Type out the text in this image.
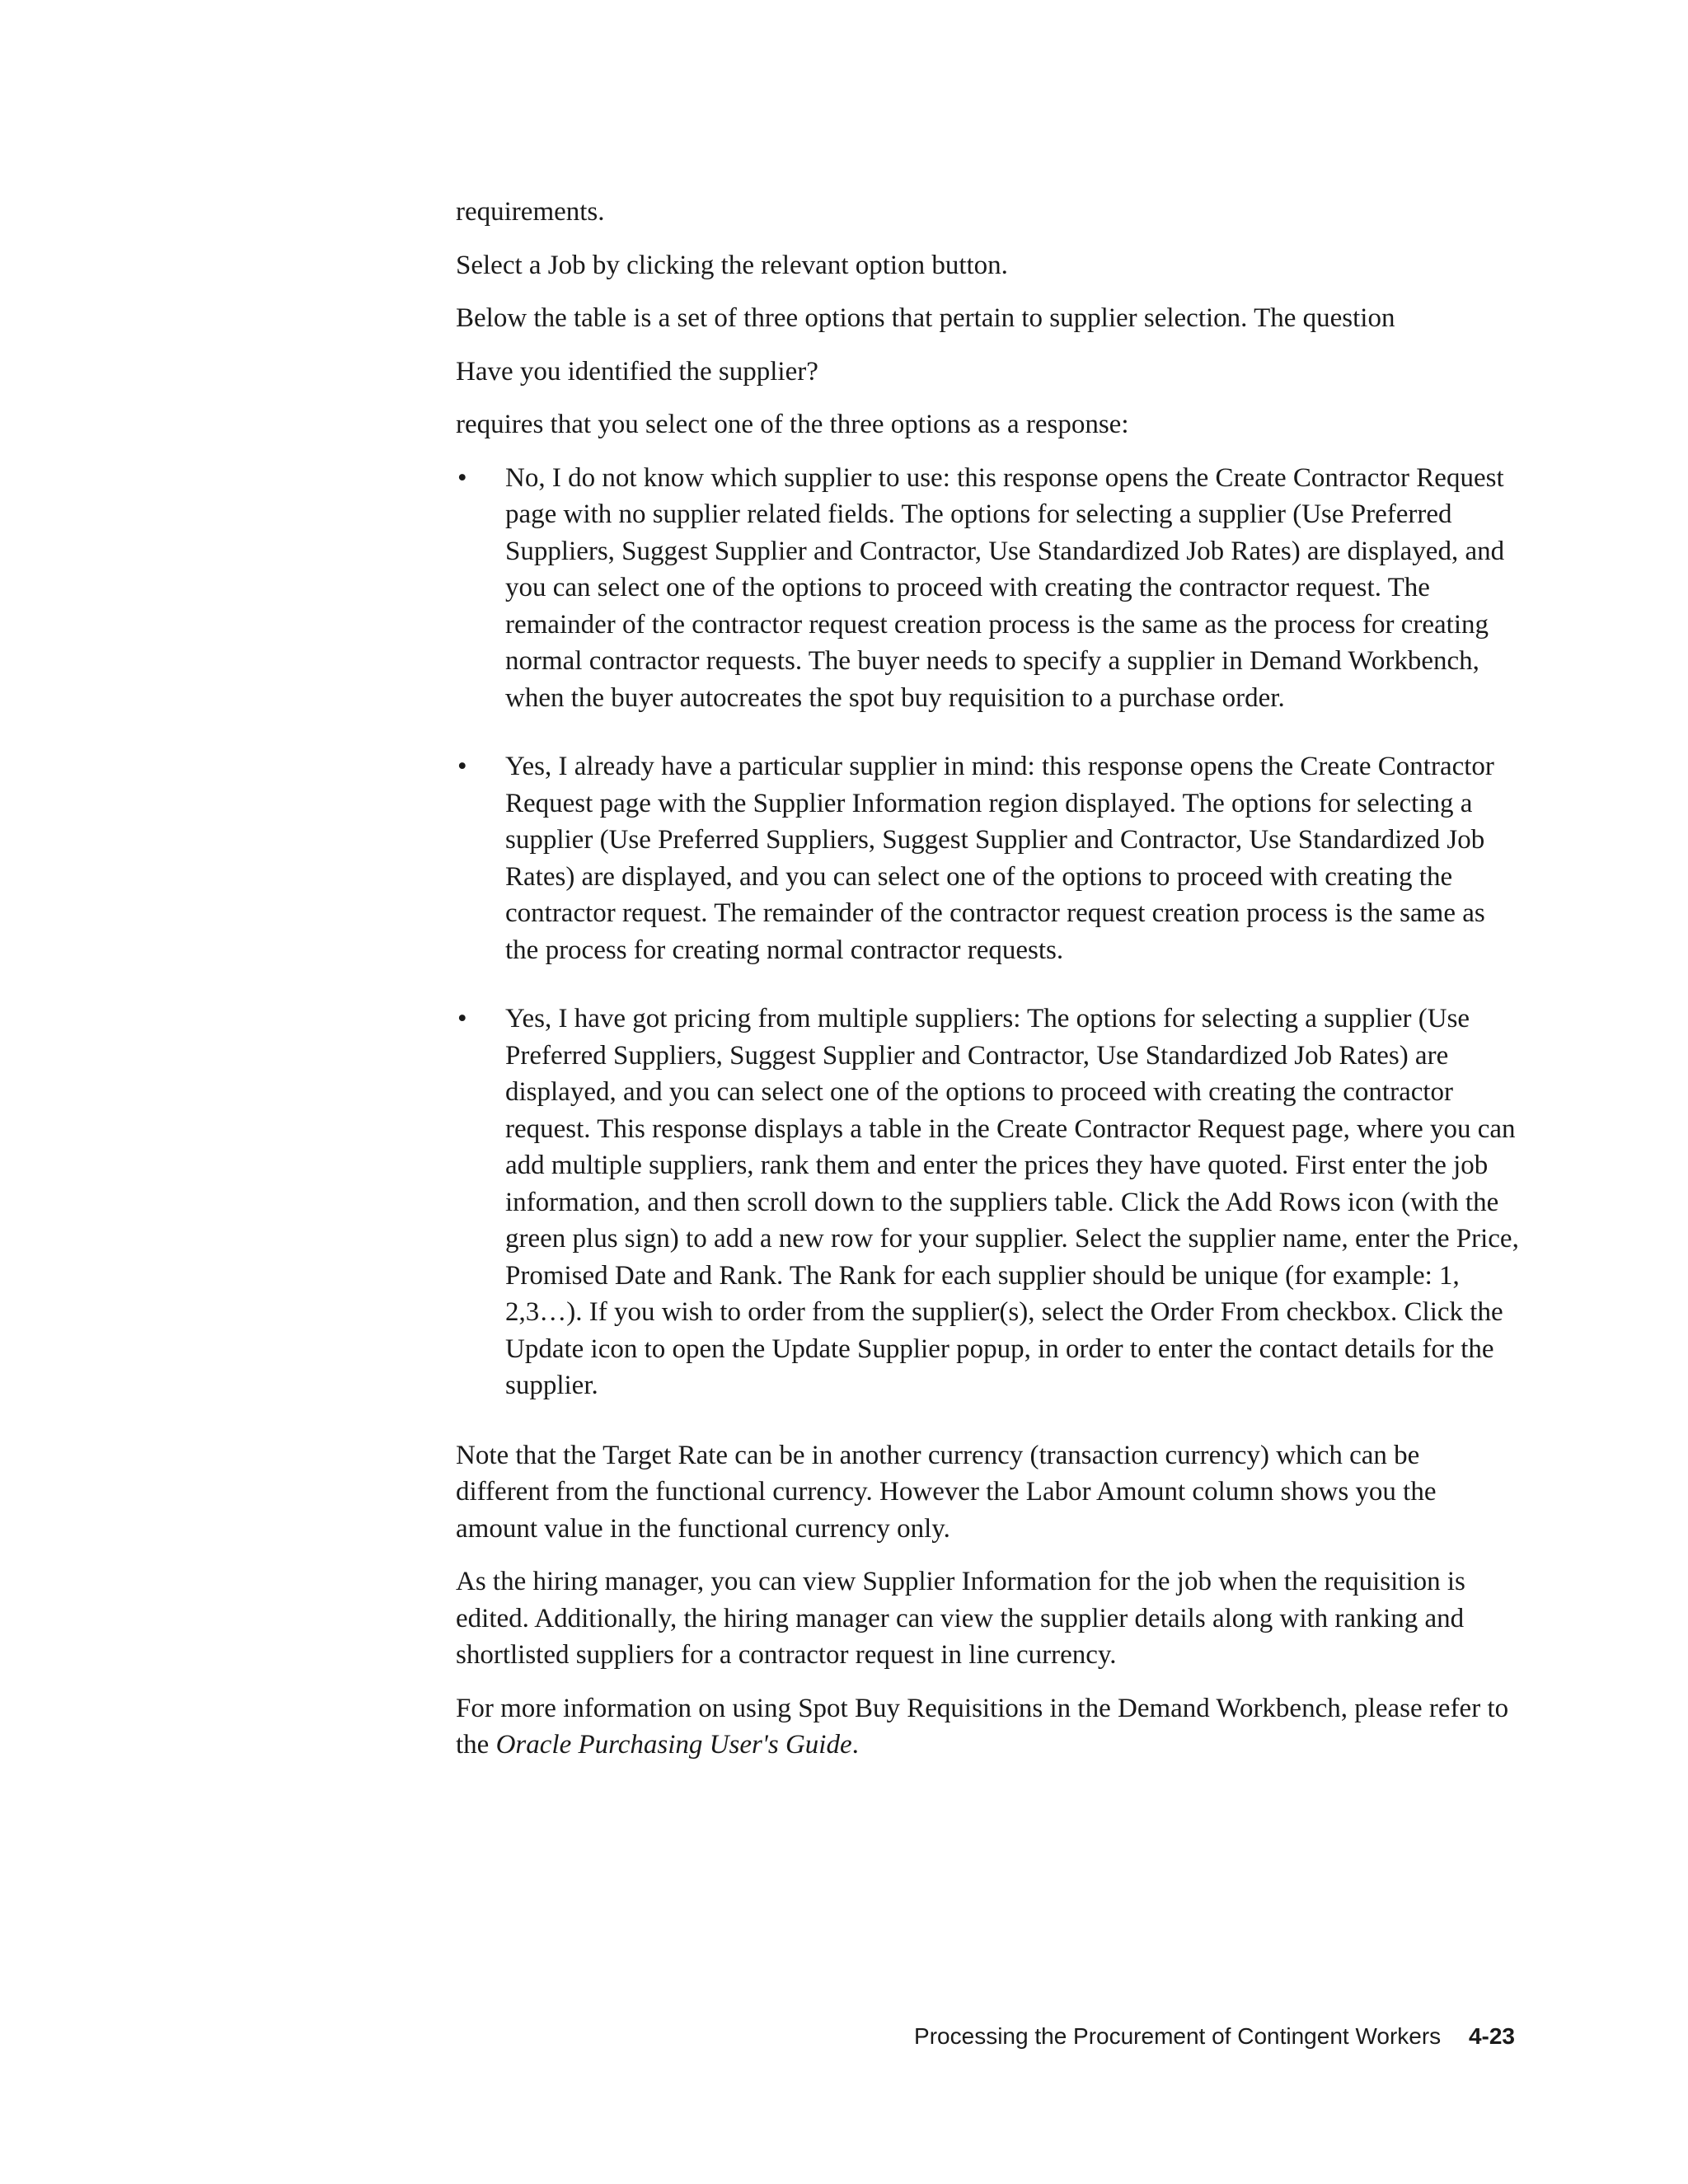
requirements.

Select a Job by clicking the relevant option button.

Below the table is a set of three options that pertain to supplier selection. The question

Have you identified the supplier?

requires that you select one of the three options as a response:

• No, I do not know which supplier to use: this response opens the Create Contractor Request page with no supplier related fields. The options for selecting a supplier (Use Preferred Suppliers, Suggest Supplier and Contractor, Use Standardized Job Rates) are displayed, and you can select one of the options to proceed with creating the contractor request. The remainder of the contractor request creation process is the same as the process for creating normal contractor requests. The buyer needs to specify a supplier in Demand Workbench, when the buyer autocreates the spot buy requisition to a purchase order.
• Yes, I already have a particular supplier in mind: this response opens the Create Contractor Request page with the Supplier Information region displayed. The options for selecting a supplier (Use Preferred Suppliers, Suggest Supplier and Contractor, Use Standardized Job Rates) are displayed, and you can select one of the options to proceed with creating the contractor request. The remainder of the contractor request creation process is the same as the process for creating normal contractor requests.
• Yes, I have got pricing from multiple suppliers: The options for selecting a supplier (Use Preferred Suppliers, Suggest Supplier and Contractor, Use Standardized Job Rates) are displayed, and you can select one of the options to proceed with creating the contractor request. This response displays a table in the Create Contractor Request page, where you can add multiple suppliers, rank them and enter the prices they have quoted. First enter the job information, and then scroll down to the suppliers table. Click the Add Rows icon (with the green plus sign) to add a new row for your supplier. Select the supplier name, enter the Price, Promised Date and Rank. The Rank for each supplier should be unique (for example: 1, 2,3…). If you wish to order from the supplier(s), select the Order From checkbox. Click the Update icon to open the Update Supplier popup, in order to enter the contact details for the supplier.

Note that the Target Rate can be in another currency (transaction currency) which can be different from the functional currency. However the Labor Amount column shows you the amount value in the functional currency only.

As the hiring manager, you can view Supplier Information for the job when the requisition is edited. Additionally, the hiring manager can view the supplier details along with ranking and shortlisted suppliers for a contractor request in line currency.

For more information on using Spot Buy Requisitions in the Demand Workbench, please refer to the Oracle Purchasing User's Guide.

Processing the Procurement of Contingent Workers 4-23
